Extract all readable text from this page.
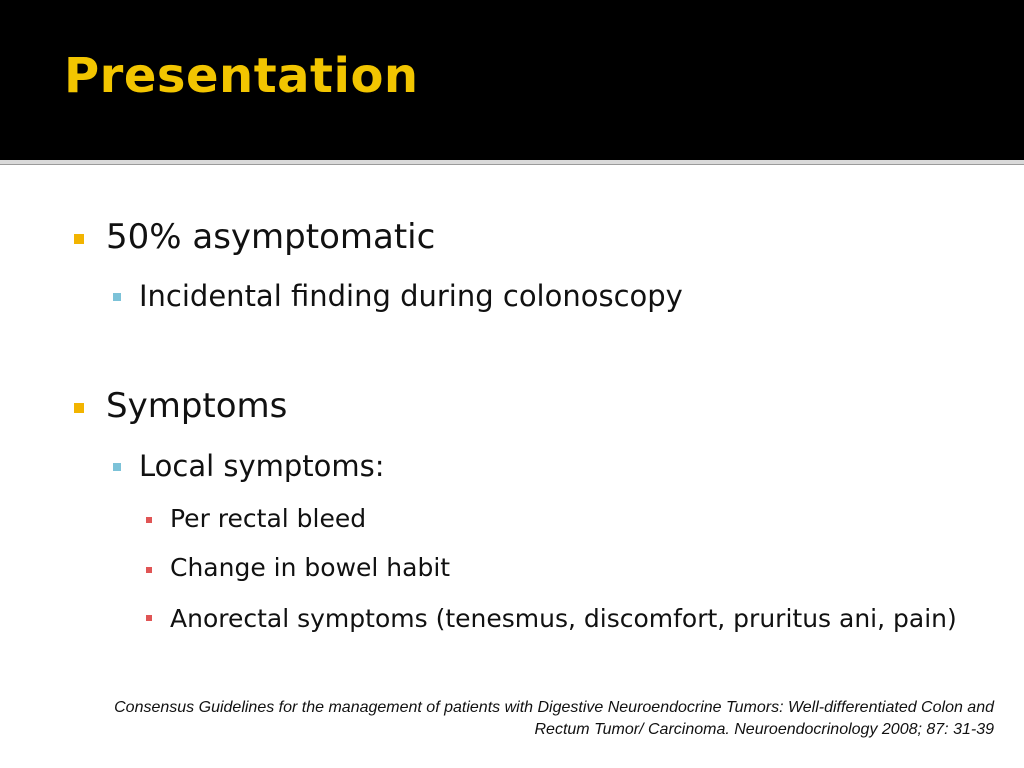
Presentation
50% asymptomatic
Incidental finding during colonoscopy
Symptoms
Local symptoms:
Per rectal bleed
Change in bowel habit
Anorectal symptoms (tenesmus, discomfort, pruritus ani, pain)
Consensus Guidelines for the management of patients with Digestive Neuroendocrine Tumors: Well-differentiated Colon and Rectum Tumor/ Carcinoma. Neuroendocrinology 2008; 87: 31-39
